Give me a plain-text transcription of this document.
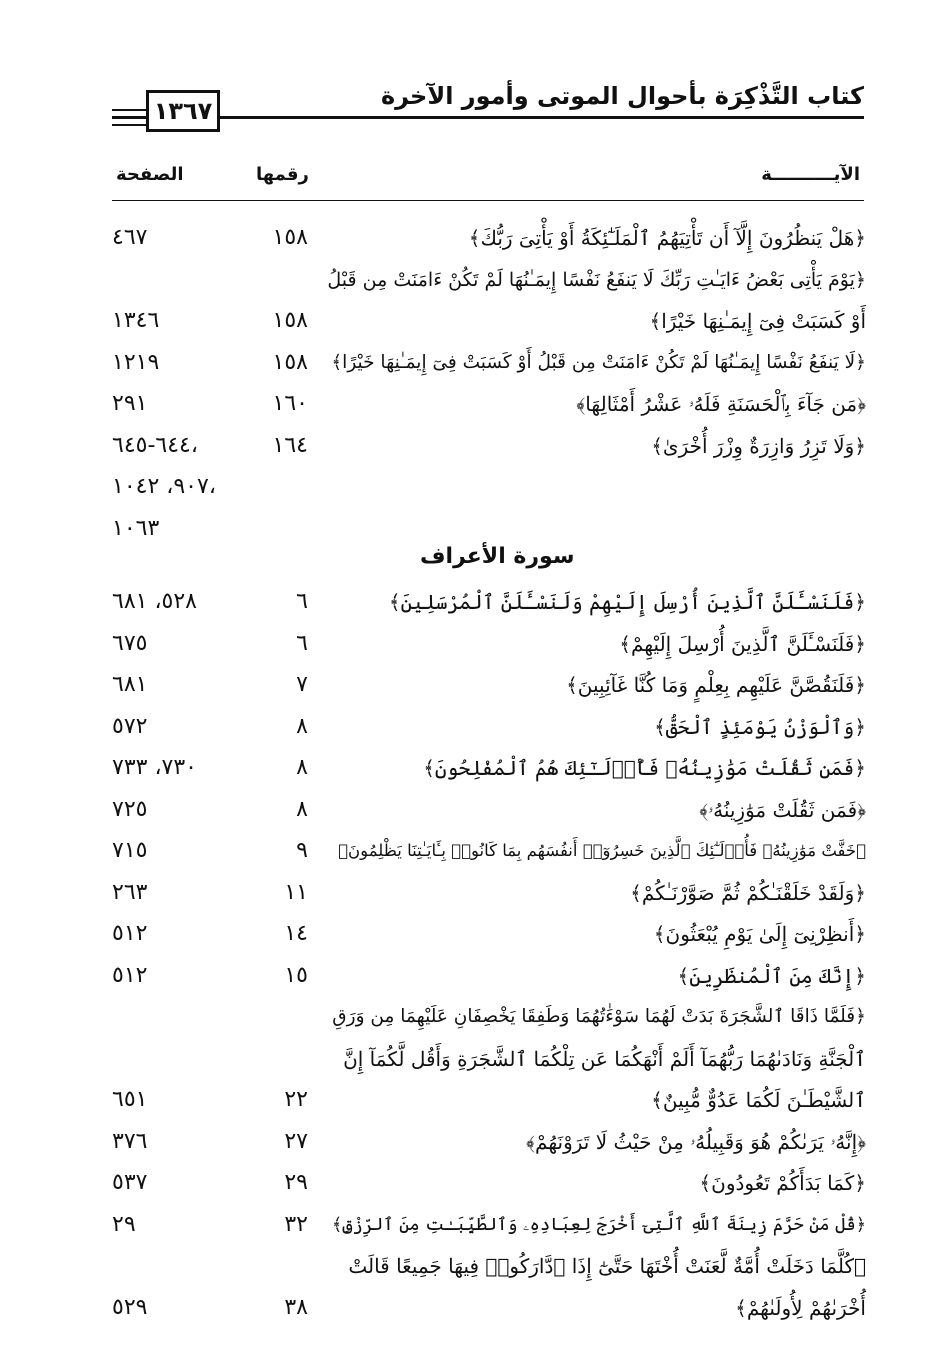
كتاب التَّذْكِرَة بأحوال الموتى وأمور الآخرة
١٣٦٧
الآيــــــــــة
رقمها
الصفحة
﴿هَلْ يَنظُرُونَ إِلَّآ أَن تَأْتِيَهُمُ ٱلْمَلَـٰٓئِكَةُ أَوْ يَأْتِىَ رَبُّكَ﴾
١٥٨
٤٦٧
﴿يَوْمَ يَأْتِى بَعْضُ ءَايَـٰتِ رَبِّكَ لَا يَنفَعُ نَفْسًا إِيمَـٰنُهَا لَمْ تَكُنْ ءَامَنَتْ مِن قَبْلُ
أَوْ كَسَبَتْ فِىٓ إِيمَـٰنِهَا خَيْرًا﴾
١٥٨
١٣٤٦
﴿لَا يَنفَعُ نَفْسًا إِيمَـٰنُهَا لَمْ تَكُنْ ءَامَنَتْ مِن قَبْلُ أَوْ كَسَبَتْ فِىٓ إِيمَـٰنِهَا خَيْرًا﴾
١٥٨
١٢١٩
﴿مَن جَآءَ بِٱلْحَسَنَةِ فَلَهُۥ عَشْرُ أَمْثَالِهَا﴾
١٦٠
٢٩١
﴿وَلَا تَزِرُ وَازِرَةٌ وِزْرَ أُخْرَىٰ﴾
١٦٤
٦٤٤-٦٤٥،
٩٠٧، ١٠٤٢،
١٠٦٣
سورة الأعراف
﴿فَلَنَسْـَٔلَنَّ ٱلَّذِينَ أُرْسِلَ إِلَيْهِمْ وَلَنَسْـَٔلَنَّ ٱلْمُرْسَلِينَ﴾
٦
٥٢٨، ٦٨١
﴿فَلَنَسْـَٔلَنَّ ٱلَّذِينَ أُرْسِلَ إِلَيْهِمْ﴾
٦
٦٧٥
﴿فَلَنَقُصَّنَّ عَلَيْهِم بِعِلْمٍ وَمَا كُنَّا غَآئِبِينَ﴾
٧
٦٨١
﴿وَٱلْوَزْنُ يَوْمَئِذٍ ٱلْحَقُّ﴾
٨
٥٧٢
﴿فَمَن ثَقُلَتْ مَوَٰزِينُهُۥ فَأُو۟لَـٰٓئِكَ هُمُ ٱلْمُفْلِحُونَ﴾
٨
٧٣٠، ٧٣٣
﴿فَمَن ثَقُلَتْ مَوَٰزِينُهُۥ﴾
٨
٧٢٥
﴿خَفَّتْ مَوَٰزِينُهُۥ فَأُو۟لَـٰٓئِكَ ٱلَّذِينَ خَسِرُوٓا۟ أَنفُسَهُم بِمَا كَانُوا۟ بِـَٔايَـٰتِنَا يَظْلِمُونَ﴾
٩
٧١٥
﴿وَلَقَدْ خَلَقْنَـٰكُمْ ثُمَّ صَوَّرْنَـٰكُمْ﴾
١١
٢٦٣
﴿أَنظِرْنِىٓ إِلَىٰ يَوْمِ يُبْعَثُونَ﴾
١٤
٥١٢
﴿إِنَّكَ مِنَ ٱلْمُنظَرِينَ﴾
١٥
٥١٢
﴿فَلَمَّا ذَاقَا ٱلشَّجَرَةَ بَدَتْ لَهُمَا سَوْءَٰتُهُمَا وَطَفِقَا يَخْصِفَانِ عَلَيْهِمَا مِن وَرَقِ
ٱلْجَنَّةِ وَنَادَىٰهُمَا رَبُّهُمَآ أَلَمْ أَنْهَكُمَا عَن تِلْكُمَا ٱلشَّجَرَةِ وَأَقُل لَّكُمَآ إِنَّ
ٱلشَّيْطَـٰنَ لَكُمَا عَدُوٌّ مُّبِينٌ﴾
٢٢
٦٥١
﴿إِنَّهُۥ يَرَىٰكُمْ هُوَ وَقَبِيلُهُۥ مِنْ حَيْثُ لَا تَرَوْنَهُمْ﴾
٢٧
٣٧٦
﴿كَمَا بَدَأَكُمْ تَعُودُونَ﴾
٢٩
٥٣٧
﴿قُلْ مَنْ حَرَّمَ زِينَةَ ٱللَّهِ ٱلَّتِىٓ أَخْرَجَ لِعِبَادِهِۦ وَٱلطَّيِّبَـٰتِ مِنَ ٱلرِّزْقِ﴾
٣٢
٢٩
﴿كُلَّمَا دَخَلَتْ أُمَّةٌ لَّعَنَتْ أُخْتَهَا حَتَّىٰٓ إِذَا ٱدَّارَكُوا۟ فِيهَا جَمِيعًا قَالَتْ
أُخْرَىٰهُمْ لِأُولَىٰهُمْ﴾
٣٨
٥٢٩
